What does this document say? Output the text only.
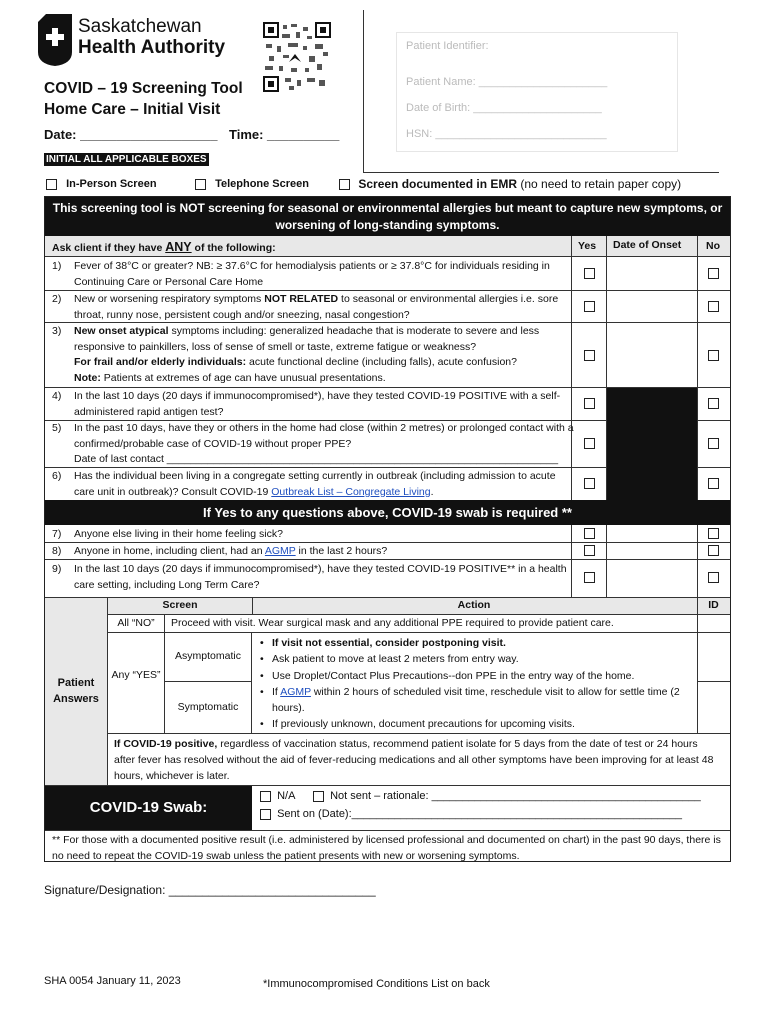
Saskatchewan
Health Authority
COVID – 19 Screening Tool
Home Care – Initial Visit
Date: ___________________ Time: __________
Patient Identifier:
Patient Name: _____________________
Date of Birth: _____________________
HSN: ____________________________
INITIAL ALL APPLICABLE BOXES
In-Person Screen	Telephone Screen	Screen documented in EMR (no need to retain paper copy)
This screening tool is NOT screening for seasonal or environmental allergies but meant to capture new symptoms, or worsening of long-standing symptoms.
Ask client if they have ANY of the following:	Yes Date of Onset No
1) Fever of 38°C or greater? NB: ≥ 37.6°C for hemodialysis patients or ≥ 37.8°C for individuals residing in Continuing Care or Personal Care Home
2) New or worsening respiratory symptoms NOT RELATED to seasonal or environmental allergies i.e. sore throat, runny nose, persistent cough and/or sneezing, nasal congestion?
3) New onset atypical symptoms including: generalized headache that is moderate to severe and less responsive to painkillers, loss of sense of smell or taste, extreme fatigue or weakness?
For frail and/or elderly individuals: acute functional decline (including falls), acute confusion?
Note: Patients at extremes of age can have unusual presentations.
4) In the last 10 days (20 days if immunocompromised*), have they tested COVID-19 POSITIVE with a self-administered rapid antigen test?
5) In the past 10 days, have they or others in the home had close (within 2 metres) or prolonged contact with a confirmed/probable case of COVID-19 without proper PPE?
Date of last contact ___________________________________________________________________
6) Has the individual been living in a congregate setting currently in outbreak (including admission to acute care unit in outbreak)? Consult COVID-19 Outbreak List – Congregate Living.
If Yes to any questions above, COVID-19 swab is required **
7) Anyone else living in their home feeling sick?
8) Anyone in home, including client, had an AGMP in the last 2 hours?
9) In the last 10 days (20 days if immunocompromised*), have they tested COVID-19 POSITIVE** in a health care setting, including Long Term Care?
Patient Answers
Screen	Action	ID
All “NO”	Proceed with visit. Wear surgical mask and any additional PPE required to provide patient care.
Any “YES”
Asymptomatic
Symptomatic
• If visit not essential, consider postponing visit.
• Ask patient to move at least 2 meters from entry way.
• Use Droplet/Contact Plus Precautions--don PPE in the entry way of the home.
• If AGMP within 2 hours of scheduled visit time, reschedule visit to allow for settle time (2 hours).
• If previously unknown, document precautions for upcoming visits.
If COVID-19 positive, regardless of vaccination status, recommend patient isolate for 5 days from the date of test or 24 hours after fever has resolved without the aid of fever-reducing medications and all other symptoms have been improving for at least 48 hours, whichever is later.
COVID-19 Swab:
N/A	Not sent – rationale: ____________________________________________
Sent on (Date):______________________________________________________
** For those with a documented positive result (i.e. administered by licensed professional and documented on chart) in the past 90 days, there is no need to repeat the COVID-19 swab unless the patient presents with new or worsening symptoms.
Signature/Designation: _______________________________
SHA 0054 January 11, 2023	*Immunocompromised Conditions List on back
